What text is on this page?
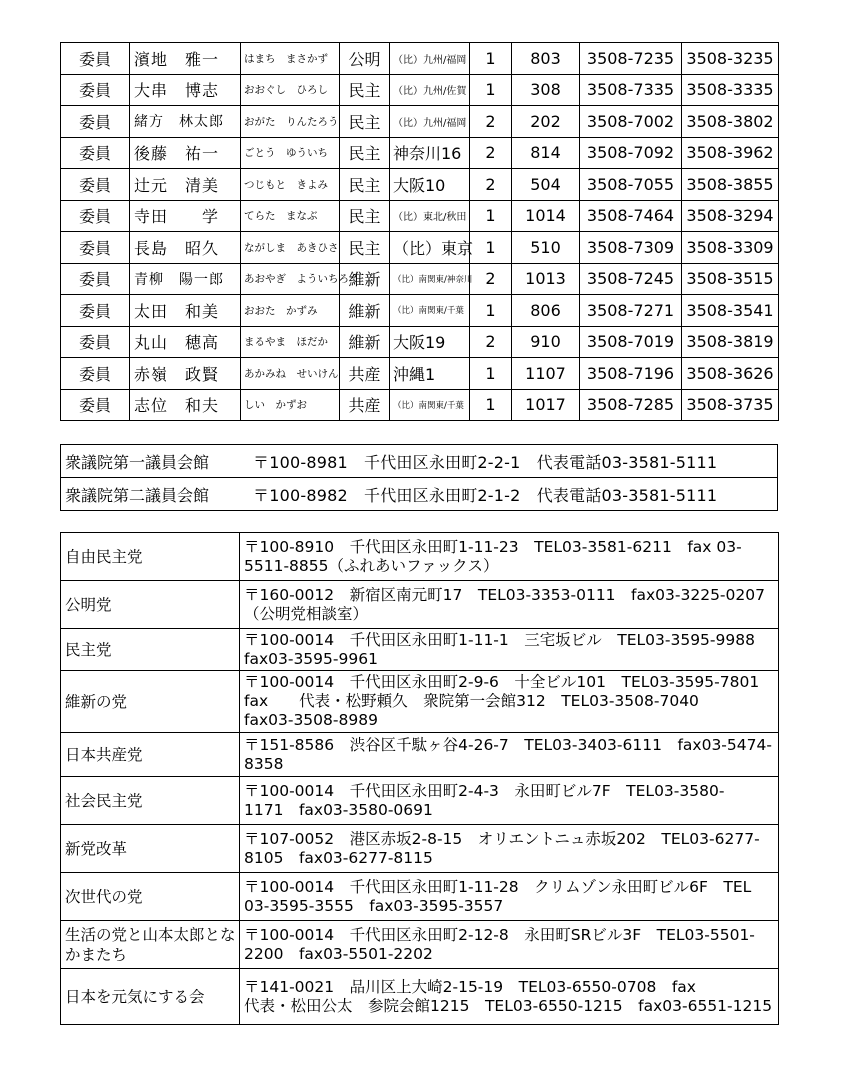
委員	濱地　雅一	はまち　まさかず	公明	（比）九州/福岡	1	803	3508-7235	3508-3235
委員	大串　博志	おおぐし　ひろし	民主	（比）九州/佐賀	1	308	3508-7335	3508-3335
委員	緒方　林太郎	おがた　りんたろう	民主	（比）九州/福岡	2	202	3508-7002	3508-3802
委員	後藤　祐一	ごとう　ゆういち	民主	神奈川16	2	814	3508-7092	3508-3962
委員	辻元　清美	つじもと　きよみ	民主	大阪10	2	504	3508-7055	3508-3855
委員	寺田　　学	てらた　まなぶ	民主	（比）東北/秋田	1	1014	3508-7464	3508-3294
委員	長島　昭久	ながしま　あきひさ	民主	（比）東京	1	510	3508-7309	3508-3309
委員	青柳　陽一郎	あおやぎ　よういちろう	維新	（比）南関東/神奈川	2	1013	3508-7245	3508-3515
委員	太田　和美	おおた　かずみ	維新	（比）南関東/千葉	1	806	3508-7271	3508-3541
委員	丸山　穂高	まるやま　ほだか	維新	大阪19	2	910	3508-7019	3508-3819
委員	赤嶺　政賢	あかみね　せいけん	共産	沖縄1	1	1107	3508-7196	3508-3626
委員	志位　和夫	しい　かずお	共産	（比）南関東/千葉	1	1017	3508-7285	3508-3735
衆議院第一議員会館	〒100-8981　千代田区永田町2-2-1　代表電話03-3581-5111
衆議院第二議員会館	〒100-8982　千代田区永田町2-1-2　代表電話03-3581-5111
自由民主党	〒100-8910　千代田区永田町1-11-23　TEL03-3581-6211　fax 03-
5511-8855（ふれあいファックス）

公明党	〒160-0012　新宿区南元町17　TEL03-3353-0111　fax03-3225-0207
（公明党相談室）

民主党	〒100-0014　千代田区永田町1-11-1　三宅坂ビル　TEL03-3595-9988
fax03-3595-9961

維新の党	〒100-0014　千代田区永田町2-9-6　十全ビル101　TEL03-3595-7801
fax　　代表・松野頼久　衆院第一会館312　TEL03-3508-7040
fax03-3508-8989

日本共産党	〒151-8586　渋谷区千駄ヶ谷4-26-7　TEL03-3403-6111　fax03-5474-
8358

社会民主党	〒100-0014　千代田区永田町2-4-3　永田町ビル7F　TEL03-3580-
1171　fax03-3580-0691

新党改革	〒107-0052　港区赤坂2-8-15　オリエントニュ赤坂202　TEL03-6277-
8105　fax03-6277-8115

次世代の党	〒100-0014　千代田区永田町1-11-28　クリムゾン永田町ビル6F　TEL
03-3595-3555　fax03-3595-3557

生活の党と山本太郎となかまたち	〒100-0014　千代田区永田町2-12-8　永田町SRビル3F　TEL03-5501-
2200　fax03-5501-2202

日本を元気にする会	〒141-0021　品川区上大崎2-15-19　TEL03-6550-0708　fax
代表・松田公太　参院会館1215　TEL03-6550-1215　fax03-6551-1215
